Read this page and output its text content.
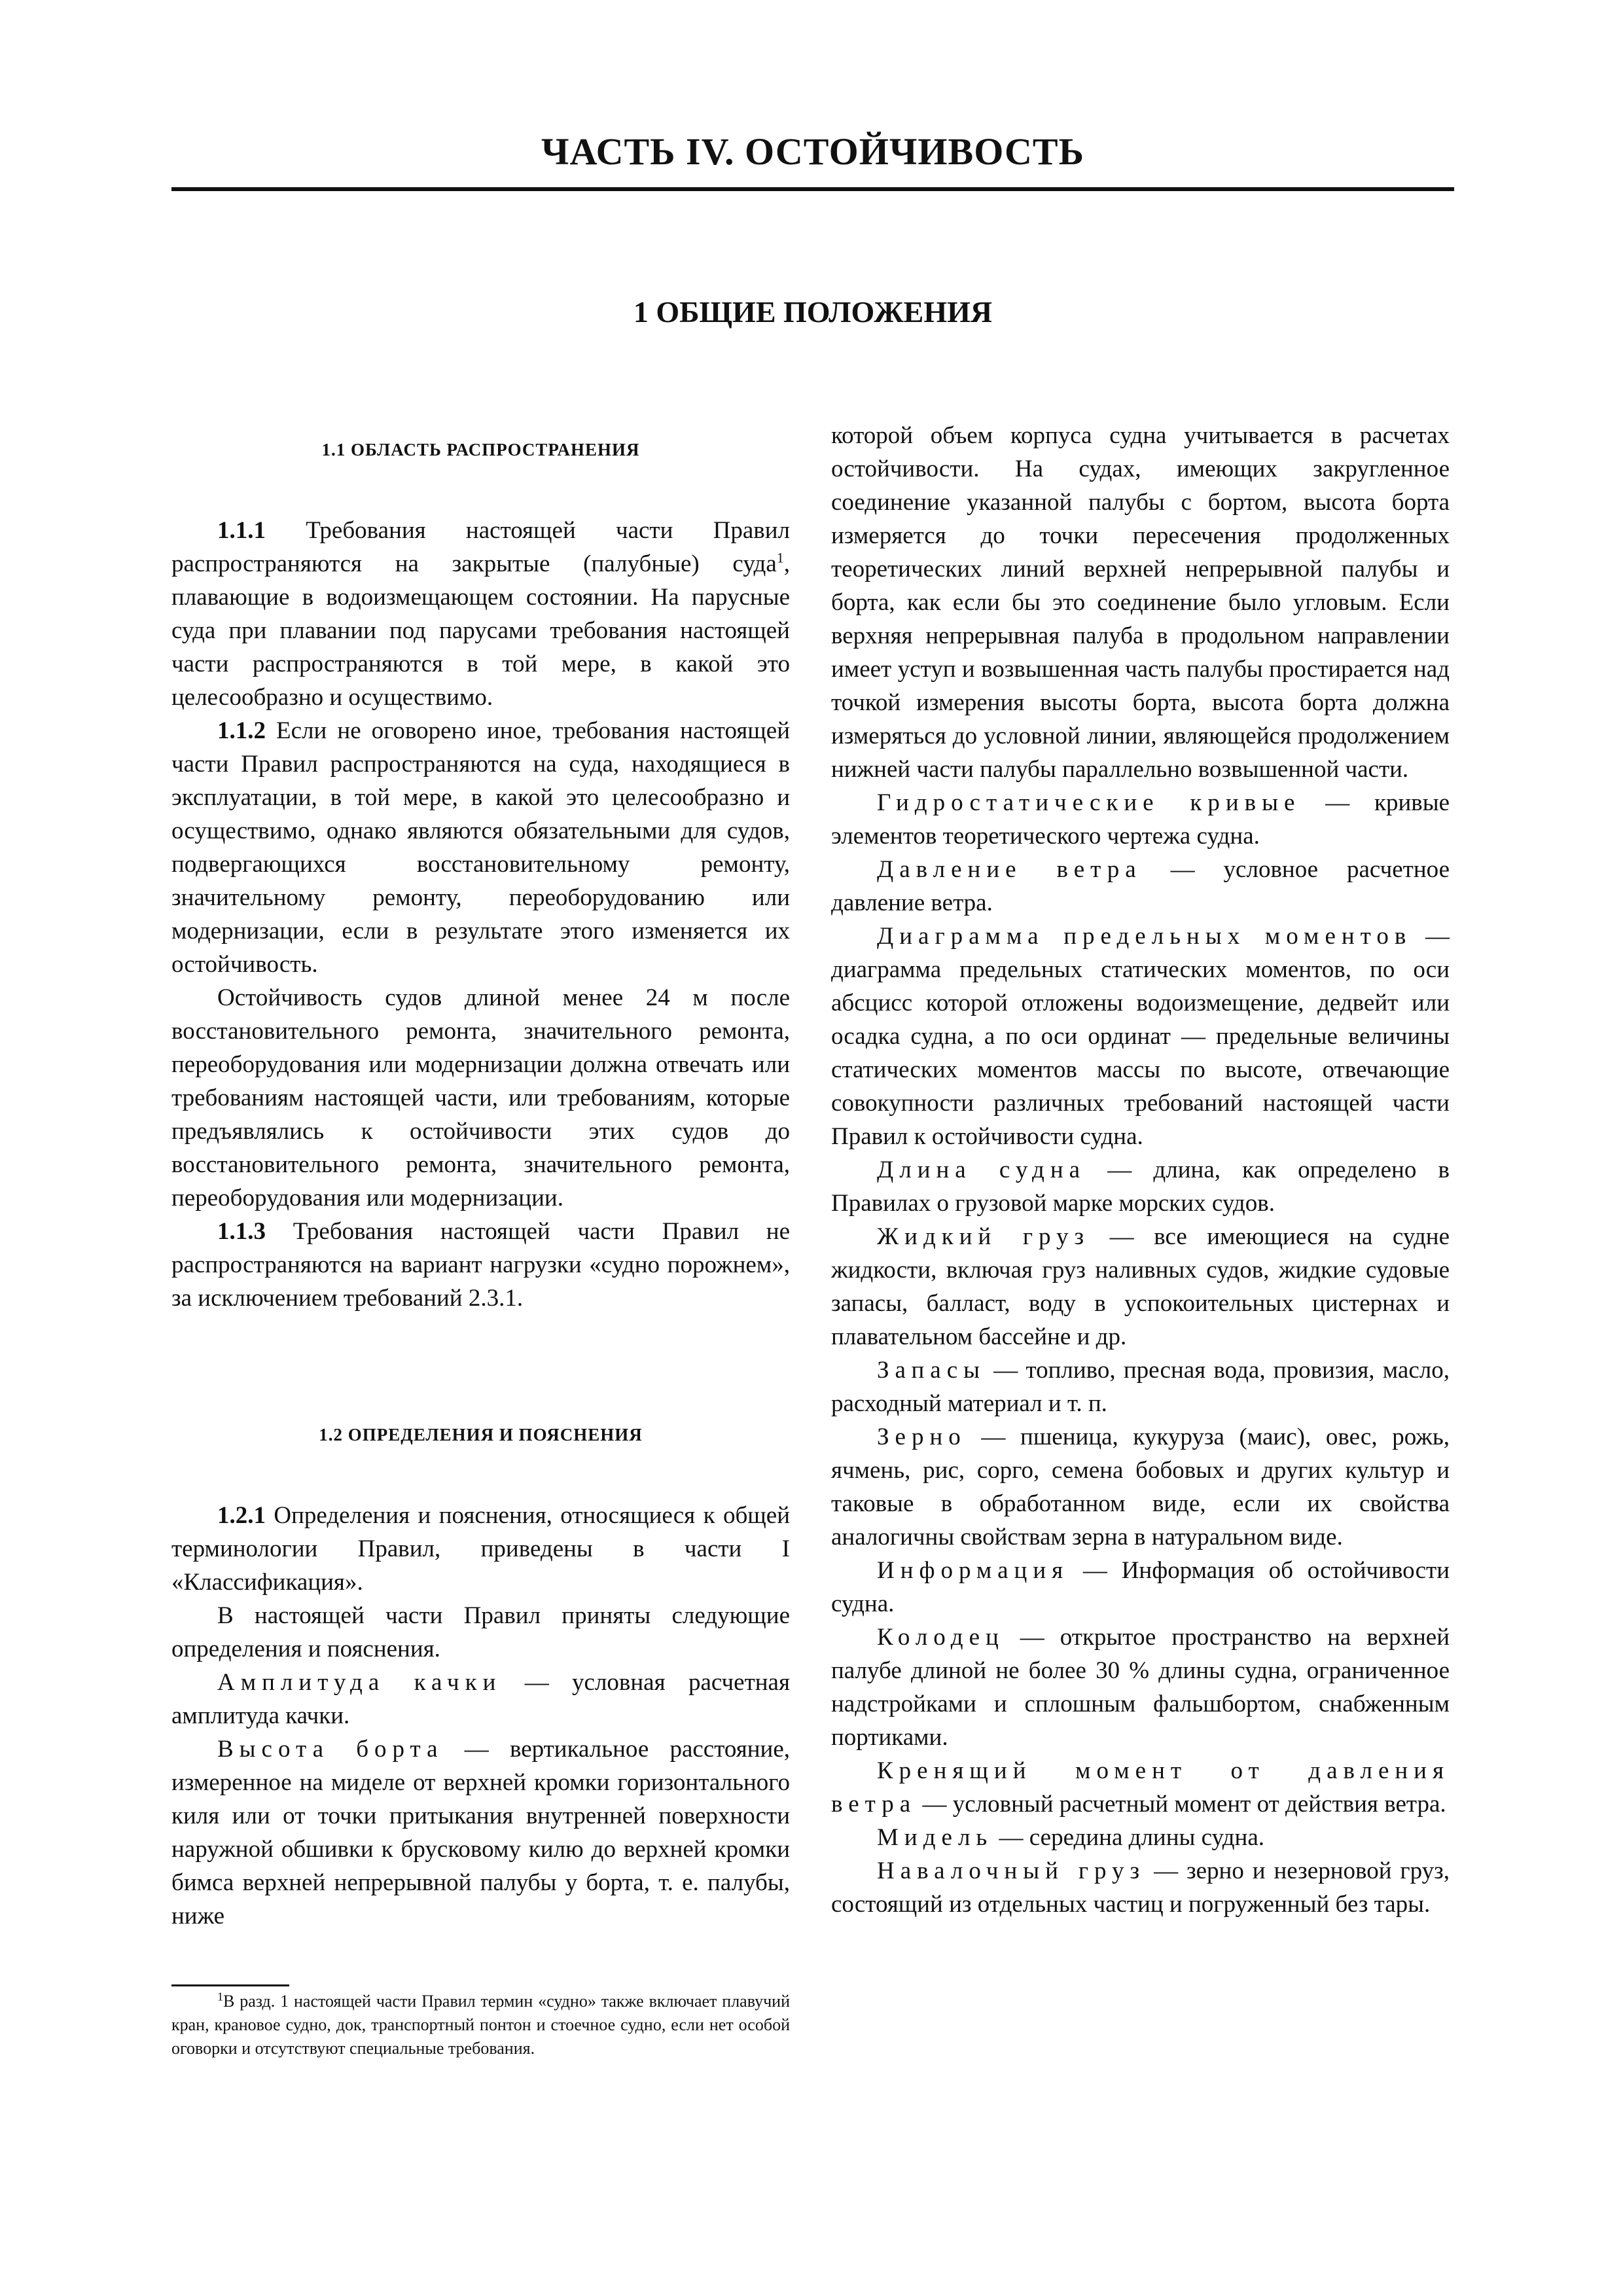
ЧАСТЬ IV. ОСТОЙЧИВОСТЬ
1 ОБЩИЕ ПОЛОЖЕНИЯ
1.1 ОБЛАСТЬ РАСПРОСТРАНЕНИЯ

1.1.1 Требования настоящей части Правил распространяются на закрытые (палубные) суда$^1$, плавающие в водоизмещающем состоянии. На парусные суда при плавании под парусами требования настоящей части распространяются в той мере, в какой это целесообразно и осуществимо.

1.1.2 Если не оговорено иное, требования настоящей части Правил распространяются на суда, находящиеся в эксплуатации, в той мере, в какой это целесообразно и осуществимо, однако являются обязательными для судов, подвергающихся восстановительному ремонту, значительному ремонту, переоборудованию или модернизации, если в результате этого изменяется их остойчивость.

Остойчивость судов длиной менее 24 м после восстановительного ремонта, значительного ремонта, переоборудования или модернизации должна отвечать или требованиям настоящей части, или требованиям, которые предъявлялись к остойчивости этих судов до восстановительного ремонта, значительного ремонта, переоборудования или модернизации.

1.1.3 Требования настоящей части Правил не распространяются на вариант нагрузки «судно порожнем», за исключением требований 2.3.1.

1.2 ОПРЕДЕЛЕНИЯ И ПОЯСНЕНИЯ

1.2.1 Определения и пояснения, относящиеся к общей терминологии Правил, приведены в части I «Классификация».

В настоящей части Правил приняты следующие определения и пояснения.

Амплитуда качки — условная расчетная амплитуда качки.

Высота борта — вертикальное расстояние, измеренное на миделе от верхней кромки горизонтального киля или от точки притыкания внутренней поверхности наружной обшивки к брусковому килю до верхней кромки бимса верхней непрерывной палубы у борта, т. е. палубы, ниже

которой объем корпуса судна учитывается в расчетах остойчивости. На судах, имеющих закругленное соединение указанной палубы с бортом, высота борта измеряется до точки пересечения продолженных теоретических линий верхней непрерывной палубы и борта, как если бы это соединение было угловым. Если верхняя непрерывная палуба в продольном направлении имеет уступ и возвышенная часть палубы простирается над точкой измерения высоты борта, высота борта должна измеряться до условной линии, являющейся продолжением нижней части палубы параллельно возвышенной части.

Гидростатические кривые — кривые элементов теоретического чертежа судна.

Давление ветра — условное расчетное давление ветра.

Диаграмма предельных моментов — диаграмма предельных статических моментов, по оси абсцисс которой отложены водоизмещение, дедвейт или осадка судна, а по оси ординат — предельные величины статических моментов массы по высоте, отвечающие совокупности различных требований настоящей части Правил к остойчивости судна.

Длина судна — длина, как определено в Правилах о грузовой марке морских судов.

Жидкий груз — все имеющиеся на судне жидкости, включая груз наливных судов, жидкие судовые запасы, балласт, воду в успокоительных цистернах и плавательном бассейне и др.

Запасы — топливо, пресная вода, провизия, масло, расходный материал и т. п.

Зерно — пшеница, кукуруза (маис), овес, рожь, ячмень, рис, сорго, семена бобовых и других культур и таковые в обработанном виде, если их свойства аналогичны свойствам зерна в натуральном виде.

Информация — Информация об остойчивости судна.

Колодец — открытое пространство на верхней палубе длиной не более 30 % длины судна, ограниченное надстройками и сплошным фальшбортом, снабженным портиками.

Кренящий момент от давления ветра — условный расчетный момент от действия ветра.

Мидель — середина длины судна.

Навалочный груз — зерно и незерновой груз, состоящий из отдельных частиц и погруженный без тары.

$^1$В разд. 1 настоящей части Правил термин «судно» также включает плавучий кран, крановое судно, док, транспортный понтон и стоечное судно, если нет особой оговорки и отсутствуют специальные требования.
